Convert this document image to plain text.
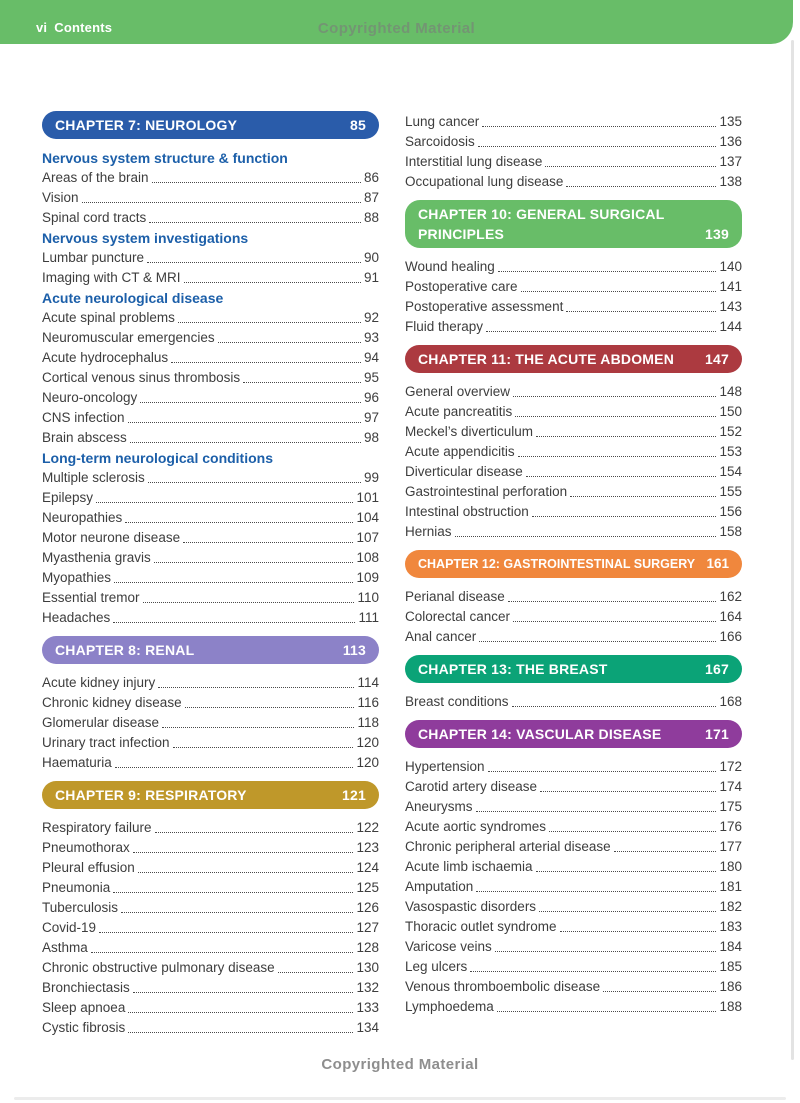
vi Contents	Copyrighted Material
CHAPTER 7: NEUROLOGY	85
Nervous system structure & function
Areas of the brain	86
Vision	87
Spinal cord tracts	88
Nervous system investigations
Lumbar puncture	90
Imaging with CT & MRI	91
Acute neurological disease
Acute spinal problems	92
Neuromuscular emergencies	93
Acute hydrocephalus	94
Cortical venous sinus thrombosis	95
Neuro-oncology	96
CNS infection	97
Brain abscess	98
Long-term neurological conditions
Multiple sclerosis	99
Epilepsy	101
Neuropathies	104
Motor neurone disease	107
Myasthenia gravis	108
Myopathies	109
Essential tremor	110
Headaches	111
CHAPTER 8: RENAL	113
Acute kidney injury	114
Chronic kidney disease	116
Glomerular disease	118
Urinary tract infection	120
Haematuria	120
CHAPTER 9: RESPIRATORY	121
Respiratory failure	122
Pneumothorax	123
Pleural effusion	124
Pneumonia	125
Tuberculosis	126
Covid-19	127
Asthma	128
Chronic obstructive pulmonary disease	130
Bronchiectasis	132
Sleep apnoea	133
Cystic fibrosis	134
Lung cancer	135
Sarcoidosis	136
Interstitial lung disease	137
Occupational lung disease	138
CHAPTER 10: GENERAL SURGICAL PRINCIPLES	139
Wound healing	140
Postoperative care	141
Postoperative assessment	143
Fluid therapy	144
CHAPTER 11: THE ACUTE ABDOMEN	147
General overview	148
Acute pancreatitis	150
Meckel’s diverticulum	152
Acute appendicitis	153
Diverticular disease	154
Gastrointestinal perforation	155
Intestinal obstruction	156
Hernias	158
CHAPTER 12: GASTROINTESTINAL SURGERY 161
Perianal disease	162
Colorectal cancer	164
Anal cancer	166
CHAPTER 13: THE BREAST	167
Breast conditions	168
CHAPTER 14: VASCULAR DISEASE	171
Hypertension	172
Carotid artery disease	174
Aneurysms	175
Acute aortic syndromes	176
Chronic peripheral arterial disease	177
Acute limb ischaemia	180
Amputation	181
Vasospastic disorders	182
Thoracic outlet syndrome	183
Varicose veins	184
Leg ulcers	185
Venous thromboembolic disease	186
Lymphoedema	188
Copyrighted Material
